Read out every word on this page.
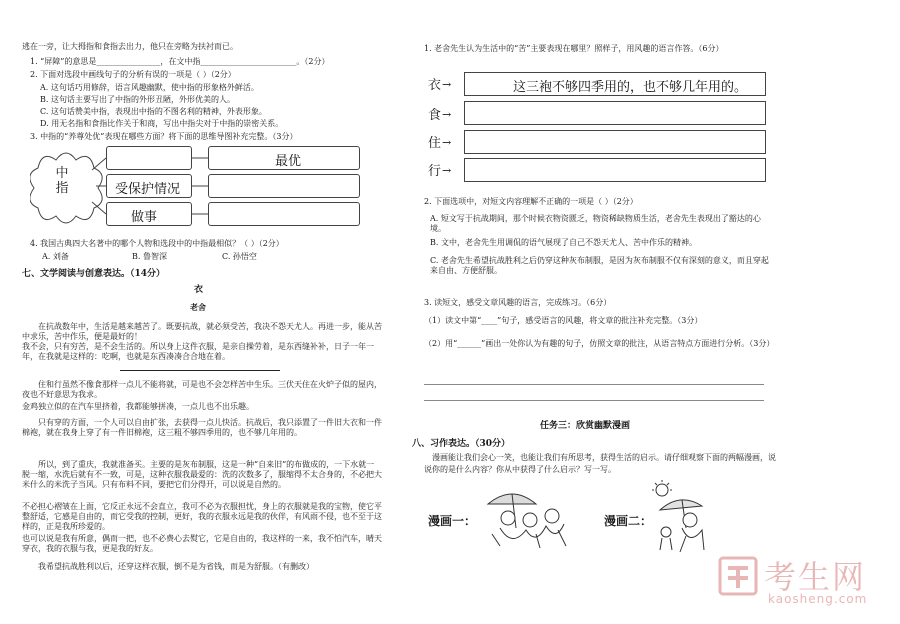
逃在一旁，让大拇指和食指去出力，他只在旁略为扶衬而已。
1. “屏障”的意思是________________，在文中指________________________。（2分）
2. 下面对选段中画线句子的分析有误的一项是（ ）（2分）
A. 这句话巧用修辞，语言风趣幽默，使中指的形象格外鲜活。
B. 这句话主要写出了中指的外形丑陋，外形优美的人。
C. 这句话赞美中指，表现出中指的不图名利的精神，外表形象。
D. 用无名指和食指比作关于和商，写出中指尖对于中指的崇密关系。
3. 中指的“养尊处优”表现在哪些方面？将下面的思维导图补充完整。（3分）
中指
最优
受保护情况
做事
4. 我国古典四大名著中的哪个人物和选段中的中指最相似？（ ）（2分）
A. 刘备	B. 鲁智深	C. 孙悟空
七、文学阅读与创意表达。（14分）
衣
老舍
在抗战数年中，生活是越来越苦了。既要抗战，就必须受苦，我决不怨天尤人。再进一步，能从苦中求乐，苦中作乐，便是最好的！
我不会，只有穷苦，是不会生活的。所以身上这件衣服，是亲自操劳着，是东西缝补补，日子一年一年，在我就是这样的：吃啊，也就是东西凑凑合合地在着。
住和行虽然不像食那样一点儿不能将就，可是也不会怎样苦中生乐。三伏天住在火炉子似的屋内，夜也不好意思为我求。
金鸡独立似的在汽车里挤着，我都能够拼凑，一点儿也不出乐趣。
只有穿的方面，一个人可以自由扩张，去获得一点儿快活。抗战后，我只添置了一件旧大衣和一件棉袍，就在我身上穿了有一件旧棉袍，这三粗不够四季用的，也不够几年用的。
所以，到了重庆，我就准备买。主要的是灰布制服，这是一种“自来旧”的布做成的，一下水就一脱一缩，水洗后就有不一致，可是，这种衣服我最爱的：洗的次数多了，服缩得不太合身的，不必把大米什么的米洗子当风。只有布料不同，要把它们分得开，可以说是自然的。
不必担心褶皱在上面，它反正永远不会直立，我可不必为衣服担忧，身上的衣服就是我的宝物，使它平整舒适，它感是自由的，而它受我的控制，更好，我的衣服永远是我的伙伴，有风雨不侵，也不至于这样的，正是我所珍爱的。
也可以说是我有所意，偶而一把，也不必费心去熨它，它是自由的，我这样的一来，我不怕汽车，晴天穿衣，我的衣服与我，更是我的好友。
我希望抗战胜利以后，还穿这样衣服，倒不是为省钱，而是为舒服。（有删改）
1. 老舍先生认为生活中的“苦”主要表现在哪里？照样子，用风趣的语言作答。（6分）
衣 →	这三袍不够四季用的，也不够几年用的。
食 →
住 →
行 →
2. 下面选项中，对短文内容理解不正确的一项是（ ）（2分）
A. 短文写于抗战期间，那个时候衣物资匮乏，物资稀缺物质生活，老舍先生表现出了豁达的心境。
B. 文中，老舍先生用调侃的语气展现了自己不怨天尤人、苦中作乐的精神。
C. 老舍先生希望抗战胜利之后仍穿这种灰布制服，是因为灰布制服不仅有深刻的意义，而且穿起来自由、方便舒服。
3. 读短文，感受文章风趣的语言，完成练习。（6分）
（1）读文中第“____”句子，感受语言的风趣，将文章的批注补充完整。（3分）
（2）用“______”画出一处你认为有趣的句子，仿照文章的批注，从语言特点方面进行分析。（3分）
任务三：欣赏幽默漫画
八、习作表达。（30分）
漫画能让我们会心一笑，也能让我们有所思考，获得生活的启示。请仔细观察下面的两幅漫画，说说你的是什么内容？你从中获得了什么启示？写一写。
漫画一：	漫画二：
考生网
kaosheng.com
